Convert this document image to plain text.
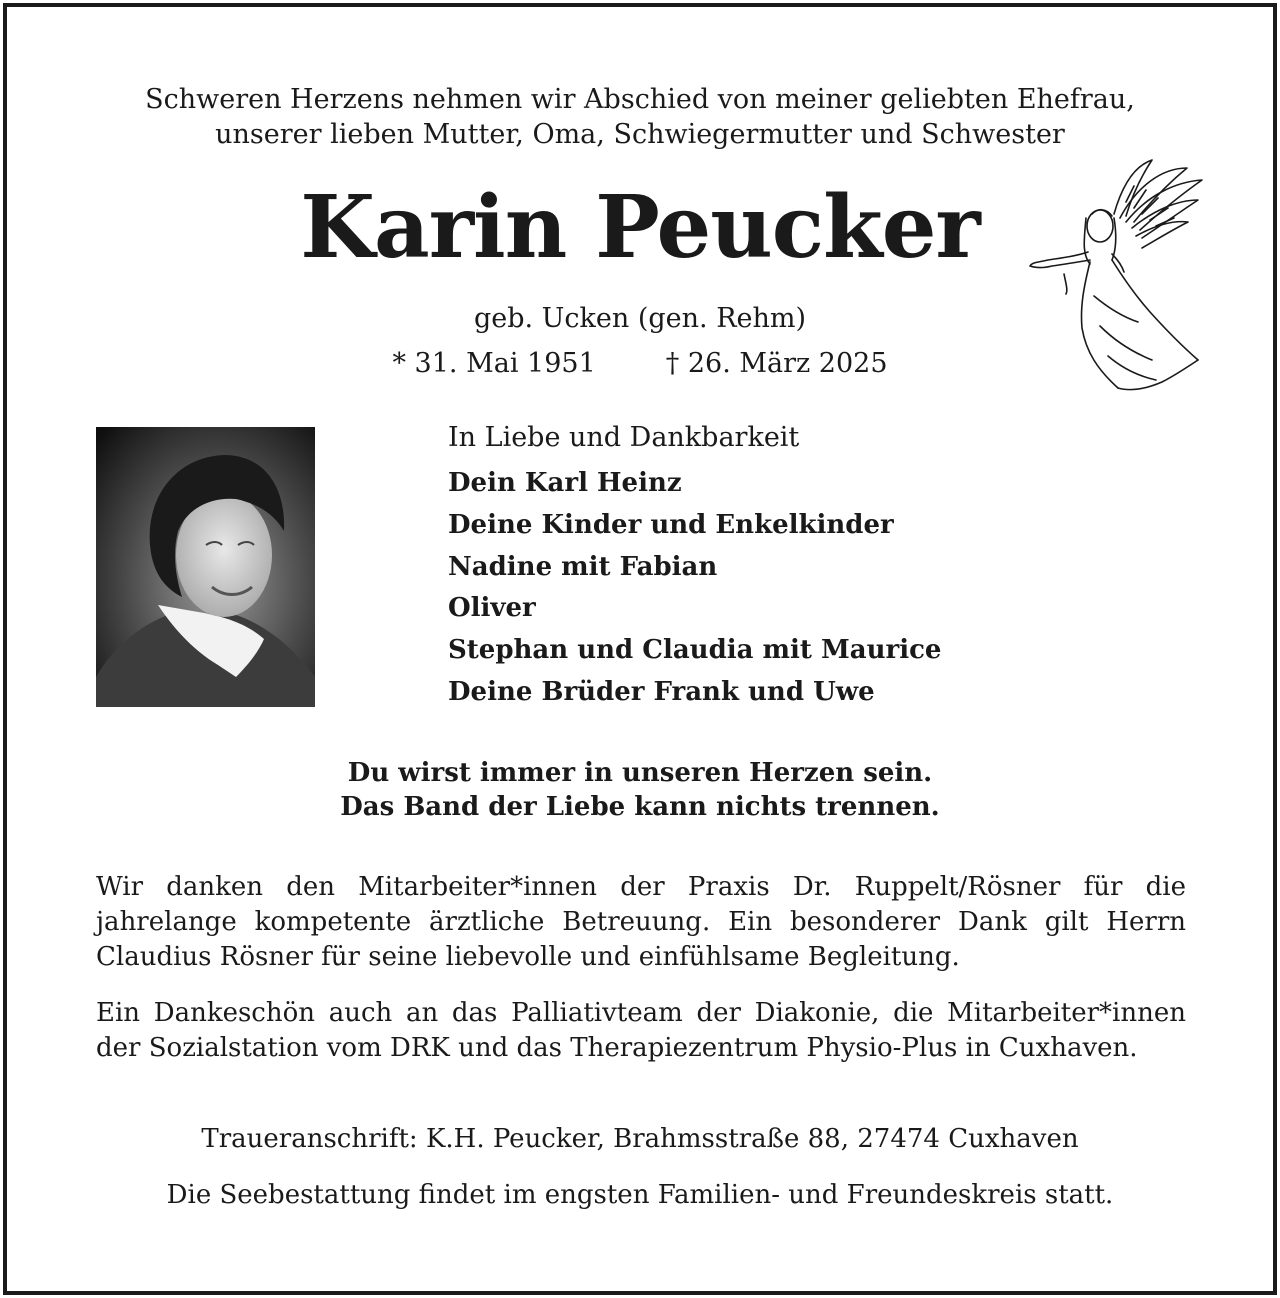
Schweren Herzens nehmen wir Abschied von meiner geliebten Ehefrau,
unserer lieben Mutter, Oma, Schwiegermutter und Schwester
Karin Peucker
geb. Ucken (gen. Rehm)
* 31. Mai 1951	† 26. März 2025
In Liebe und Dankbarkeit
Dein Karl Heinz
Deine Kinder und Enkelkinder
Nadine mit Fabian
Oliver
Stephan und Claudia mit Maurice
Deine Brüder Frank und Uwe
Du wirst immer in unseren Herzen sein.
Das Band der Liebe kann nichts trennen.
Wir danken den Mitarbeiter*innen der Praxis Dr. Ruppelt/Rösner für die jahrelange kompetente ärztliche Betreuung. Ein besonderer Dank gilt Herrn Claudius Rösner für seine liebevolle und einfühlsame Begleitung.
Ein Dankeschön auch an das Palliativteam der Diakonie, die Mitarbeiter*innen der Sozialstation vom DRK und das Therapiezentrum Physio-Plus in Cuxhaven.
Traueranschrift: K.H. Peucker, Brahmsstraße 88, 27474 Cuxhaven
Die Seebestattung findet im engsten Familien- und Freundeskreis statt.
